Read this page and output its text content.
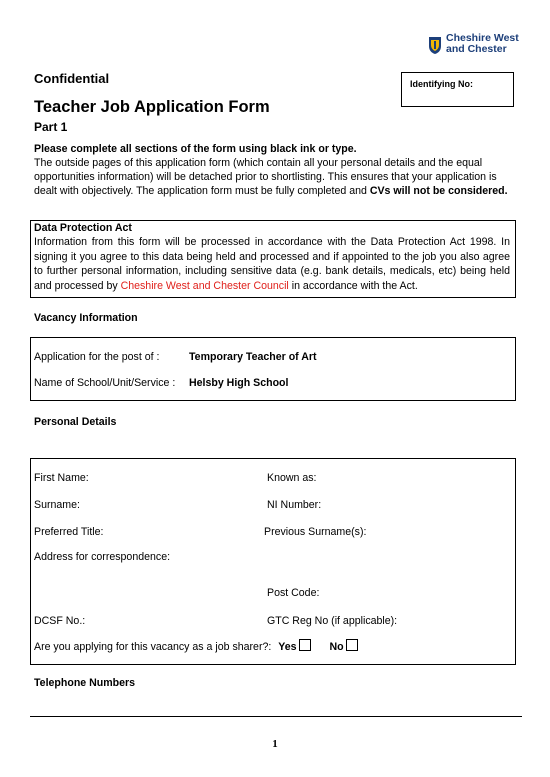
Cheshire West
and Chester
Confidential	Identifying No:
Teacher Job Application Form
Part 1
Please complete all sections of the form using black ink or type.
The outside pages of this application form (which contain all your personal details and the equal opportunities information) will be detached prior to shortlisting. This ensures that your application is dealt with objectively. The application form must be fully completed and CVs will not be considered.
Data Protection Act
Information from this form will be processed in accordance with the Data Protection Act 1998. In signing it you agree to this data being held and processed and if appointed to the job you also agree to further personal information, including sensitive data (e.g. bank details, medicals, etc) being held and processed by Cheshire West and Chester Council in accordance with the Act.
Vacancy Information
Application for the post of :	Temporary Teacher of Art
Name of School/Unit/Service : Helsby High School
Personal Details
First Name:	Known as:
Surname:	NI Number:
Preferred Title:	Previous Surname(s):
Address for correspondence:
Post Code:
DCSF No.:	GTC Reg No (if applicable):
Are you applying for this vacancy as a job sharer?: Yes	No
Telephone Numbers
1
